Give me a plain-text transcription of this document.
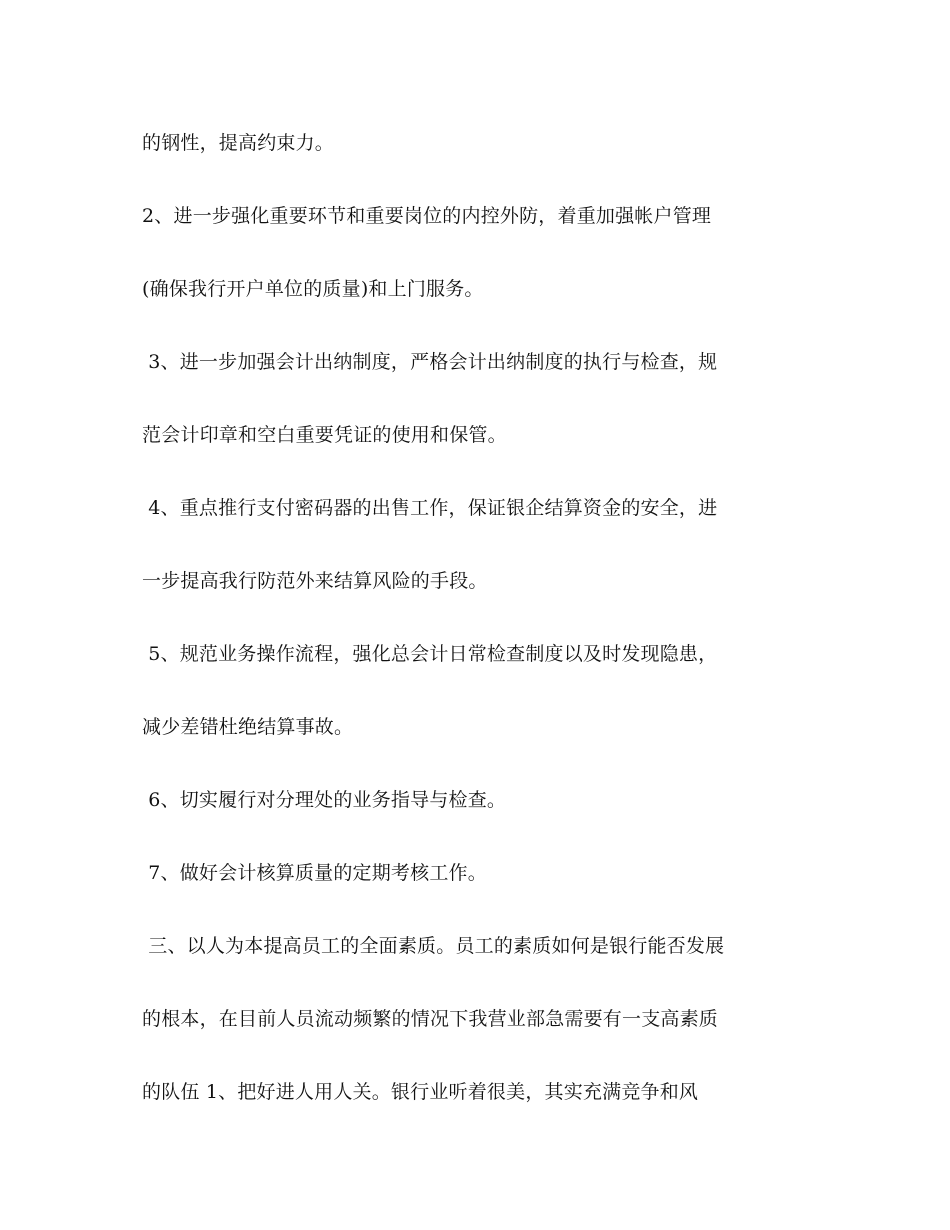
的钢性，提高约束力。
2、进一步强化重要环节和重要岗位的内控外防，着重加强帐户管理
(确保我行开户单位的质量)和上门服务。
3、进一步加强会计出纳制度，严格会计出纳制度的执行与检查，规
范会计印章和空白重要凭证的使用和保管。
4、重点推行支付密码器的出售工作，保证银企结算资金的安全，进
一步提高我行防范外来结算风险的手段。
5、规范业务操作流程，强化总会计日常检查制度以及时发现隐患，
减少差错杜绝结算事故。
6、切实履行对分理处的业务指导与检查。
7、做好会计核算质量的定期考核工作。
三、以人为本提高员工的全面素质。员工的素质如何是银行能否发展
的根本，在目前人员流动频繁的情况下我营业部急需要有一支高素质
的队伍 1、把好进人用人关。银行业听着很美，其实充满竞争和风
